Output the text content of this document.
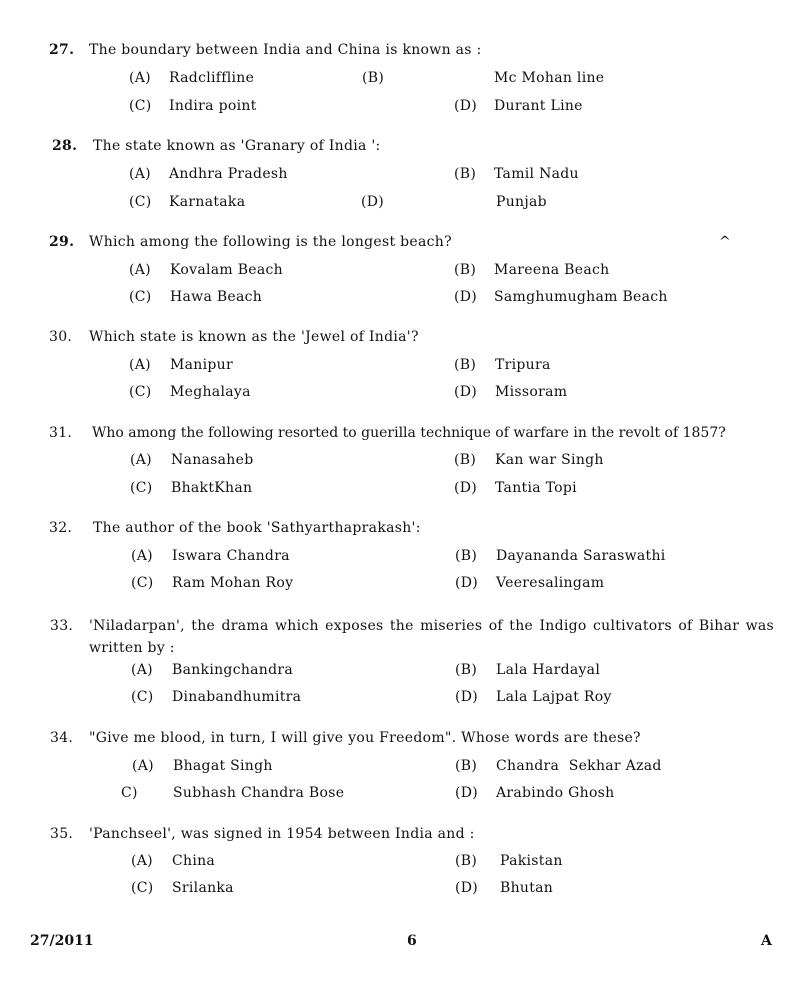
27. The boundary between India and China is known as :
(A) Radcliffline	(B)	Mc Mohan line
(C) Indira point	(D) Durant Line
28. The state known as 'Granary of India ':
(A) Andhra Pradesh	(B) Tamil Nadu
(C) Karnataka	(D)	Punjab
29. Which among the following is the longest beach?	^
(A) Kovalam Beach	(B) Mareena Beach
(C) Hawa Beach	(D) Samghumugham Beach
30. Which state is known as the 'Jewel of India'?
(A) Manipur	(B) Tripura
(C) Meghalaya	(D) Missoram
31. Who among the following resorted to guerilla technique of warfare in the revolt of 1857?
(A) Nanasaheb	(B) Kan war Singh
(C) BhaktKhan	(D) Tantia Topi
32. The author of the book 'Sathyarthaprakash':
(A) Iswara Chandra	(B) Dayananda Saraswathi
(C) Ram Mohan Roy	(D) Veeresalingam
33. 'Niladarpan', the drama which exposes the miseries of the Indigo cultivators of Bihar was written by :
(A) Bankingchandra	(B) Lala Hardayal
(C) Dinabandhumitra	(D) Lala Lajpat Roy
34. "Give me blood, in turn, I will give you Freedom". Whose words are these?
(A) Bhagat Singh	(B) Chandra  Sekhar Azad
C)	Subhash Chandra Bose	(D) Arabindo Ghosh
35. 'Panchseel', was signed in 1954 between India and :
(A) China	(B) Pakistan
(C) Srilanka	(D) Bhutan
27/2011	6	A
